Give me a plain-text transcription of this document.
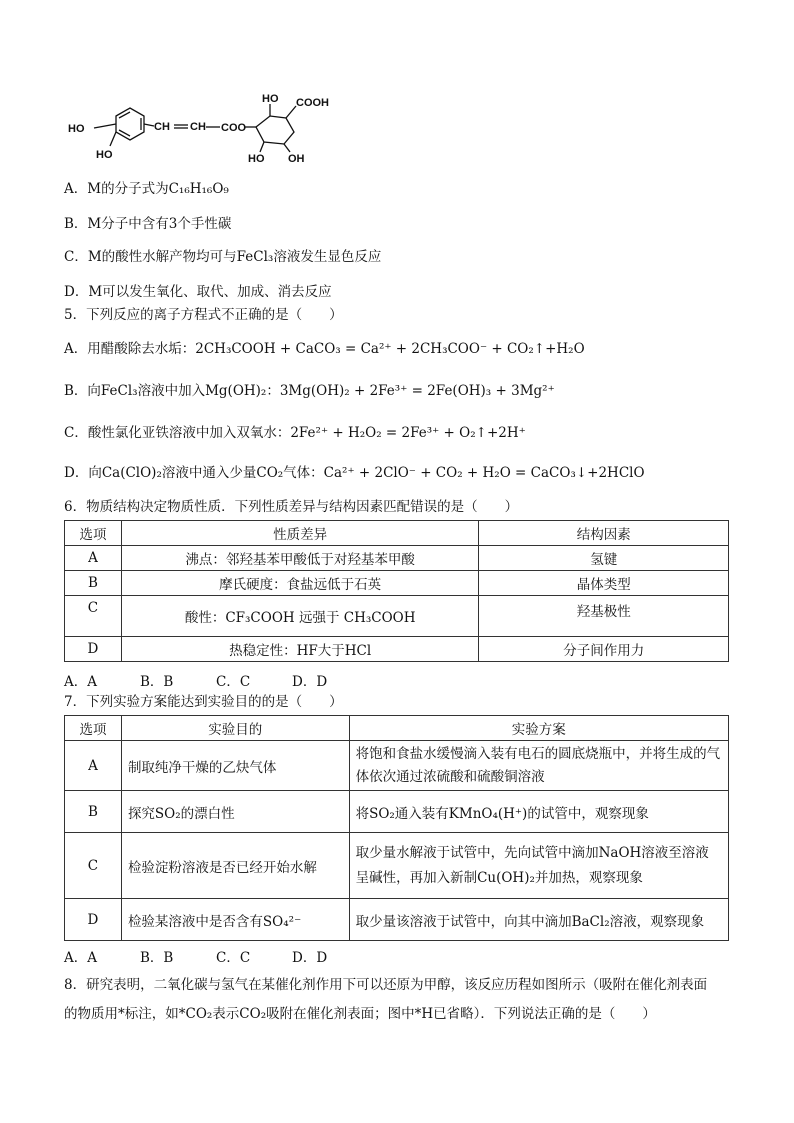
HO
HO
CH CH COO
HO COOH
HO OH
A．M的分子式为C₁₆H₁₆O₉
B．M分子中含有3个手性碳
C．M的酸性水解产物均可与FeCl₃溶液发生显色反应
D．M可以发生氧化、取代、加成、消去反应
5．下列反应的离子方程式不正确的是（　　）
A．用醋酸除去水垢：2CH₃COOH + CaCO₃ = Ca²⁺ + 2CH₃COO⁻ + CO₂↑+H₂O
B．向FeCl₃溶液中加入Mg(OH)₂：3Mg(OH)₂ + 2Fe³⁺ = 2Fe(OH)₃ + 3Mg²⁺
C．酸性氯化亚铁溶液中加入双氧水：2Fe²⁺ + H₂O₂ = 2Fe³⁺ + O₂↑+2H⁺
D．向Ca(ClO)₂溶液中通入少量CO₂气体：Ca²⁺ + 2ClO⁻ + CO₂ + H₂O = CaCO₃↓+2HClO
6．物质结构决定物质性质．下列性质差异与结构因素匹配错误的是（　　）
选项	性质差异	结构因素
A	沸点：邻羟基苯甲酸低于对羟基苯甲酸	氢键
B	摩氏硬度：食盐远低于石英	晶体类型
C	酸性：CF₃COOH 远强于 CH₃COOH	羟基极性
D	热稳定性：HF大于HCl	分子间作用力
A．A	B．B	C．C	D．D
7．下列实验方案能达到实验目的的是（　　）
选项	实验目的	实验方案
A	制取纯净干燥的乙炔气体	将饱和食盐水缓慢滴入装有电石的圆底烧瓶中，并将生成的气体依次通过浓硫酸和硫酸铜溶液
B	探究SO₂的漂白性	将SO₂通入装有KMnO₄(H⁺)的试管中，观察现象
C	检验淀粉溶液是否已经开始水解	取少量水解液于试管中，先向试管中滴加NaOH溶液至溶液呈碱性，再加入新制Cu(OH)₂并加热，观察现象
D	检验某溶液中是否含有SO₄²⁻	取少量该溶液于试管中，向其中滴加BaCl₂溶液，观察现象
A．A	B．B	C．C	D．D
8．研究表明，二氧化碳与氢气在某催化剂作用下可以还原为甲醇，该反应历程如图所示（吸附在催化剂表面
的物质用*标注，如*CO₂表示CO₂吸附在催化剂表面；图中*H已省略）．下列说法正确的是（　　）
